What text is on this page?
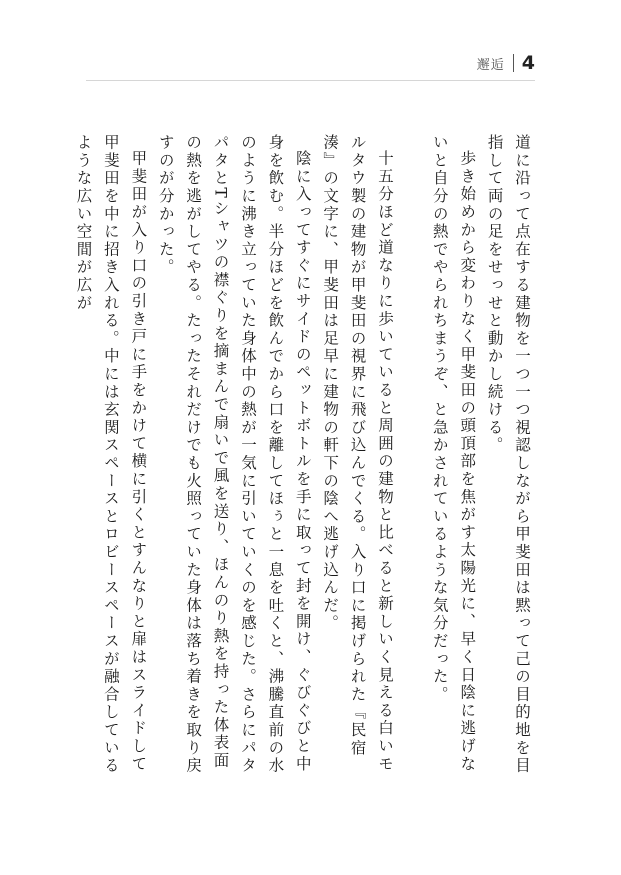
邂逅 4

道に沿って点在する建物を一つ一つ視認しながら甲斐田は黙って己の目的地を目指して両の足をせっせと動かし続ける。

歩き始めから変わりなく甲斐田の頭頂部を焦がす太陽光に、早く日陰に逃げないと自分の熱でやられちまうぞ、と急かされているような気分だった。

十五分ほど道なりに歩いていると周囲の建物と比べると新しいく見える白いモルタウ製の建物が甲斐田の視界に飛び込んでくる。入り口に掲げられた『民宿　湊』の文字に、甲斐田は足早に建物の軒下の陰へ逃げ込んだ。

陰に入ってすぐにサイドのペットボトルを手に取って封を開け、ぐびぐびと中身を飲む。半分ほどを飲んでから口を離してほぅと一息を吐くと、沸騰直前の水のように沸き立っていた身体中の熱が一気に引いていくのを感じた。さらにパタパタとTシャツの襟ぐりを摘まんで扇いで風を送り、ほんのり熱を持った体表面の熱を逃がしてやる。たったそれだけでも火照っていた身体は落ち着きを取り戻すのが分かった。

甲斐田が入り口の引き戸に手をかけて横に引くとすんなりと扉はスライドして甲斐田を中に招き入れる。中には玄関スペースとロビースペースが融合しているような広い空間が広が
